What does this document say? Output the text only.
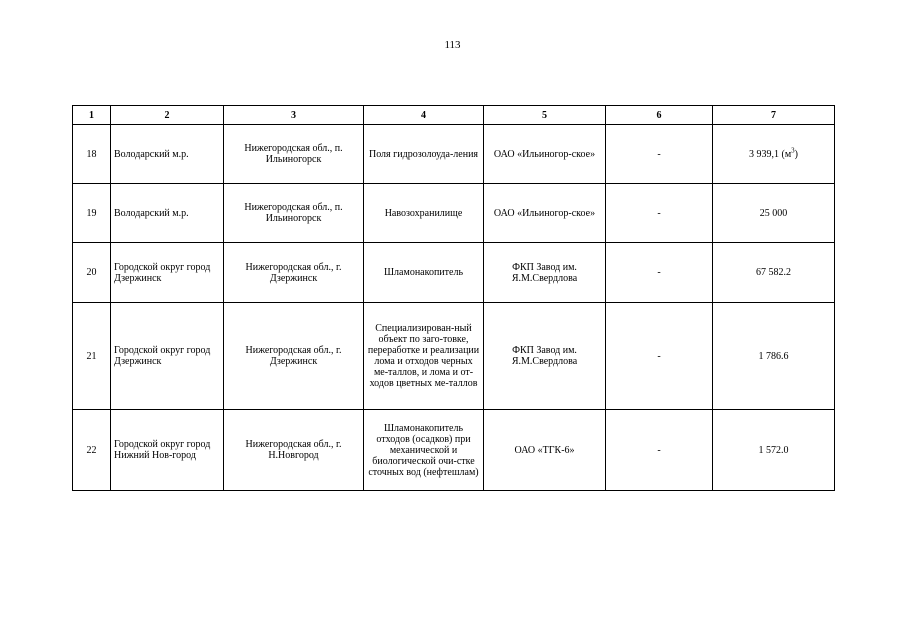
113
1	2	3	4	5	6	7
18	Володарский м.р.	Нижегородская обл., п. Ильиногорск	Поля гидрозолоуда-ления	ОАО «Ильиногор-ское»	-	3 939,1 $(м^3)$
19	Володарский м.р.	Нижегородская обл., п. Ильиногорск	Навозохранилище	ОАО «Ильиногор-ское»	-	25 000
20	Городской округ город Дзержинск	Нижегородская обл., г. Дзержинск	Шламонакопитель	ФКП Завод им. Я.М.Свердлова	-	67 582.2
21	Городской округ город Дзержинск	Нижегородская обл., г. Дзержинск	Специализирован-ный объект по заго-товке, переработке и реализации лома и отходов черных ме-таллов, и лома и от-ходов цветных ме-таллов	ФКП Завод им. Я.М.Свердлова	-	1 786.6
22	Городской округ город Нижний Нов-город	Нижегородская обл., г. Н.Новгород	Шламонакопитель отходов (осадков) при механической и биологической очи-стке сточных вод (нефтешлам)	ОАО «ТГК-6»	-	1 572.0
